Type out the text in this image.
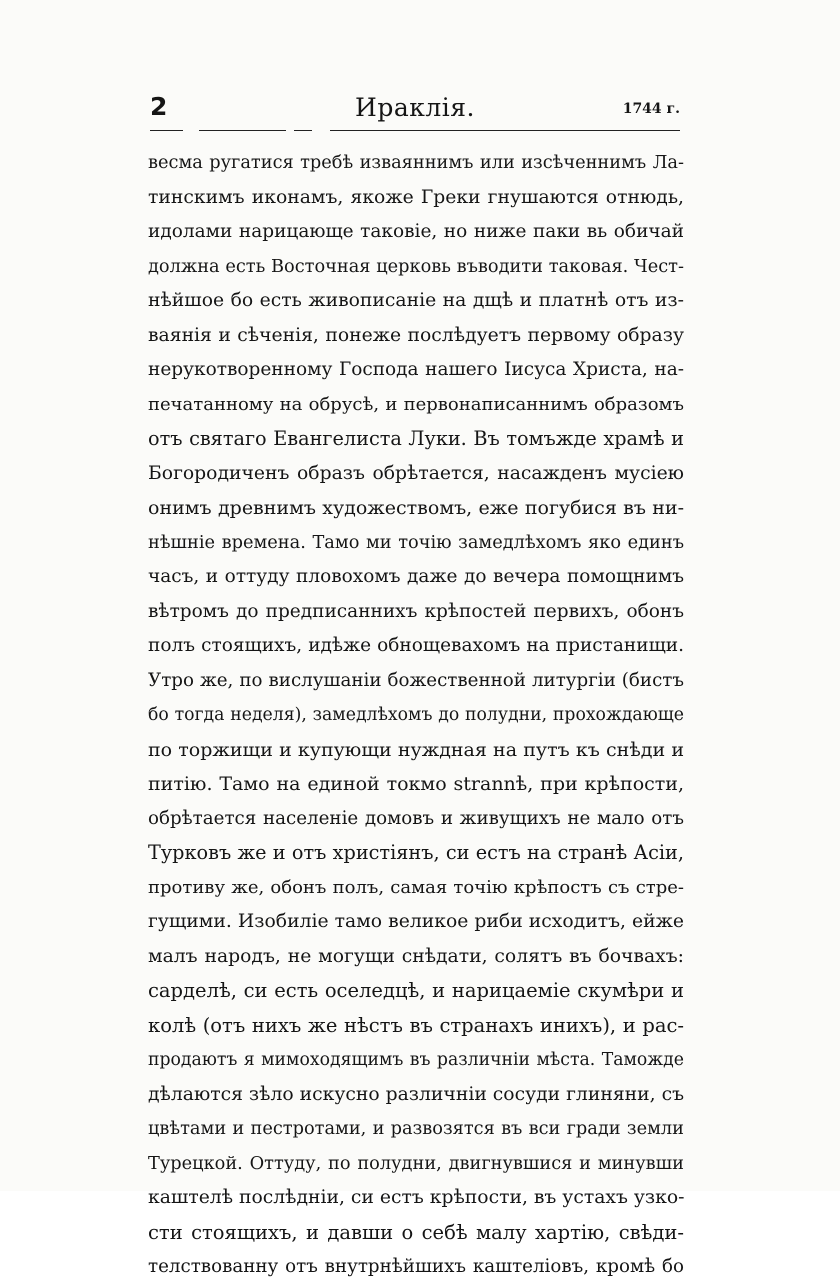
2	Ираклія.	1744 г.
весма ругатися требѣ изваяннимъ или изсѣченнимъ Ла-
тинскимъ иконамъ, якоже Греки гнушаются отнюдь,
идолами нарицающе таковіе, но ниже паки вь обичай
должна есть Восточная церковь въводити таковая. Чест-
нѣйшое бо есть живописаніе на дщѣ и платнѣ отъ из-
ваянія и сѣченія, понеже послѣдуетъ первому образу
нерукотворенному Господа нашего Іисуса Христа, на-
печатанному на обрусѣ, и первонаписаннимъ образомъ
отъ святаго Евангелиста Луки. Въ томъждe храмѣ и
Богородиченъ образъ обрѣтается, насажденъ мусіею
онимъ древнимъ художествомъ, еже погубися въ ни-
нѣшніе времена. Тамо ми точію замедлѣхомъ яко единъ
часъ, и оттуду пловохомъ даже до вечера помощнимъ
вѣтромъ до предписаннихъ крѣпостей первихъ, обонъ
полъ стоящихъ, идѣже обнощевахомъ на пристанищи.
Утро же, по вислушаніи божественной литургіи (бистъ
бо тогда неделя), замедлѣхомъ до полудни, прохождающе
по торжищи и купующи нуждная на путъ къ снѣди и
питію. Тамо на единой токмо strannѣ, при крѣпости,
обрѣтается населеніе домовъ и живущихъ не мало отъ
Турковъ же и отъ христіянъ, си естъ на странѣ Асіи,
противу же, обонъ полъ, самая точію крѣпостъ съ стре-
гущими. Изобиліе тамо великое риби исходитъ, ейже
малъ народъ, не могущи снѣдати, солятъ въ бочвахъ:
сарделѣ, си есть оселедцѣ, и нарицаеміе скумѣри и
колѣ (отъ нихъ же нѣстъ въ странахъ инихъ), и рас-
продаютъ я мимоходящимъ въ различніи мѣста. Тамождe
дѣлаются зѣло искусно различніи сосуди глиняни, съ
цвѣтами и пестротами, и развозятся въ вси гради земли
Турецкой. Оттуду, по полудни, двигнувшися и минувши
каштелѣ послѣдніи, си естъ крѣпости, въ устахъ узко-
сти стоящихъ, и давши о себѣ малу хартію, свѣди-
телствованну отъ внутрнѣйшихъ каштеліовъ, кромѣ бо
